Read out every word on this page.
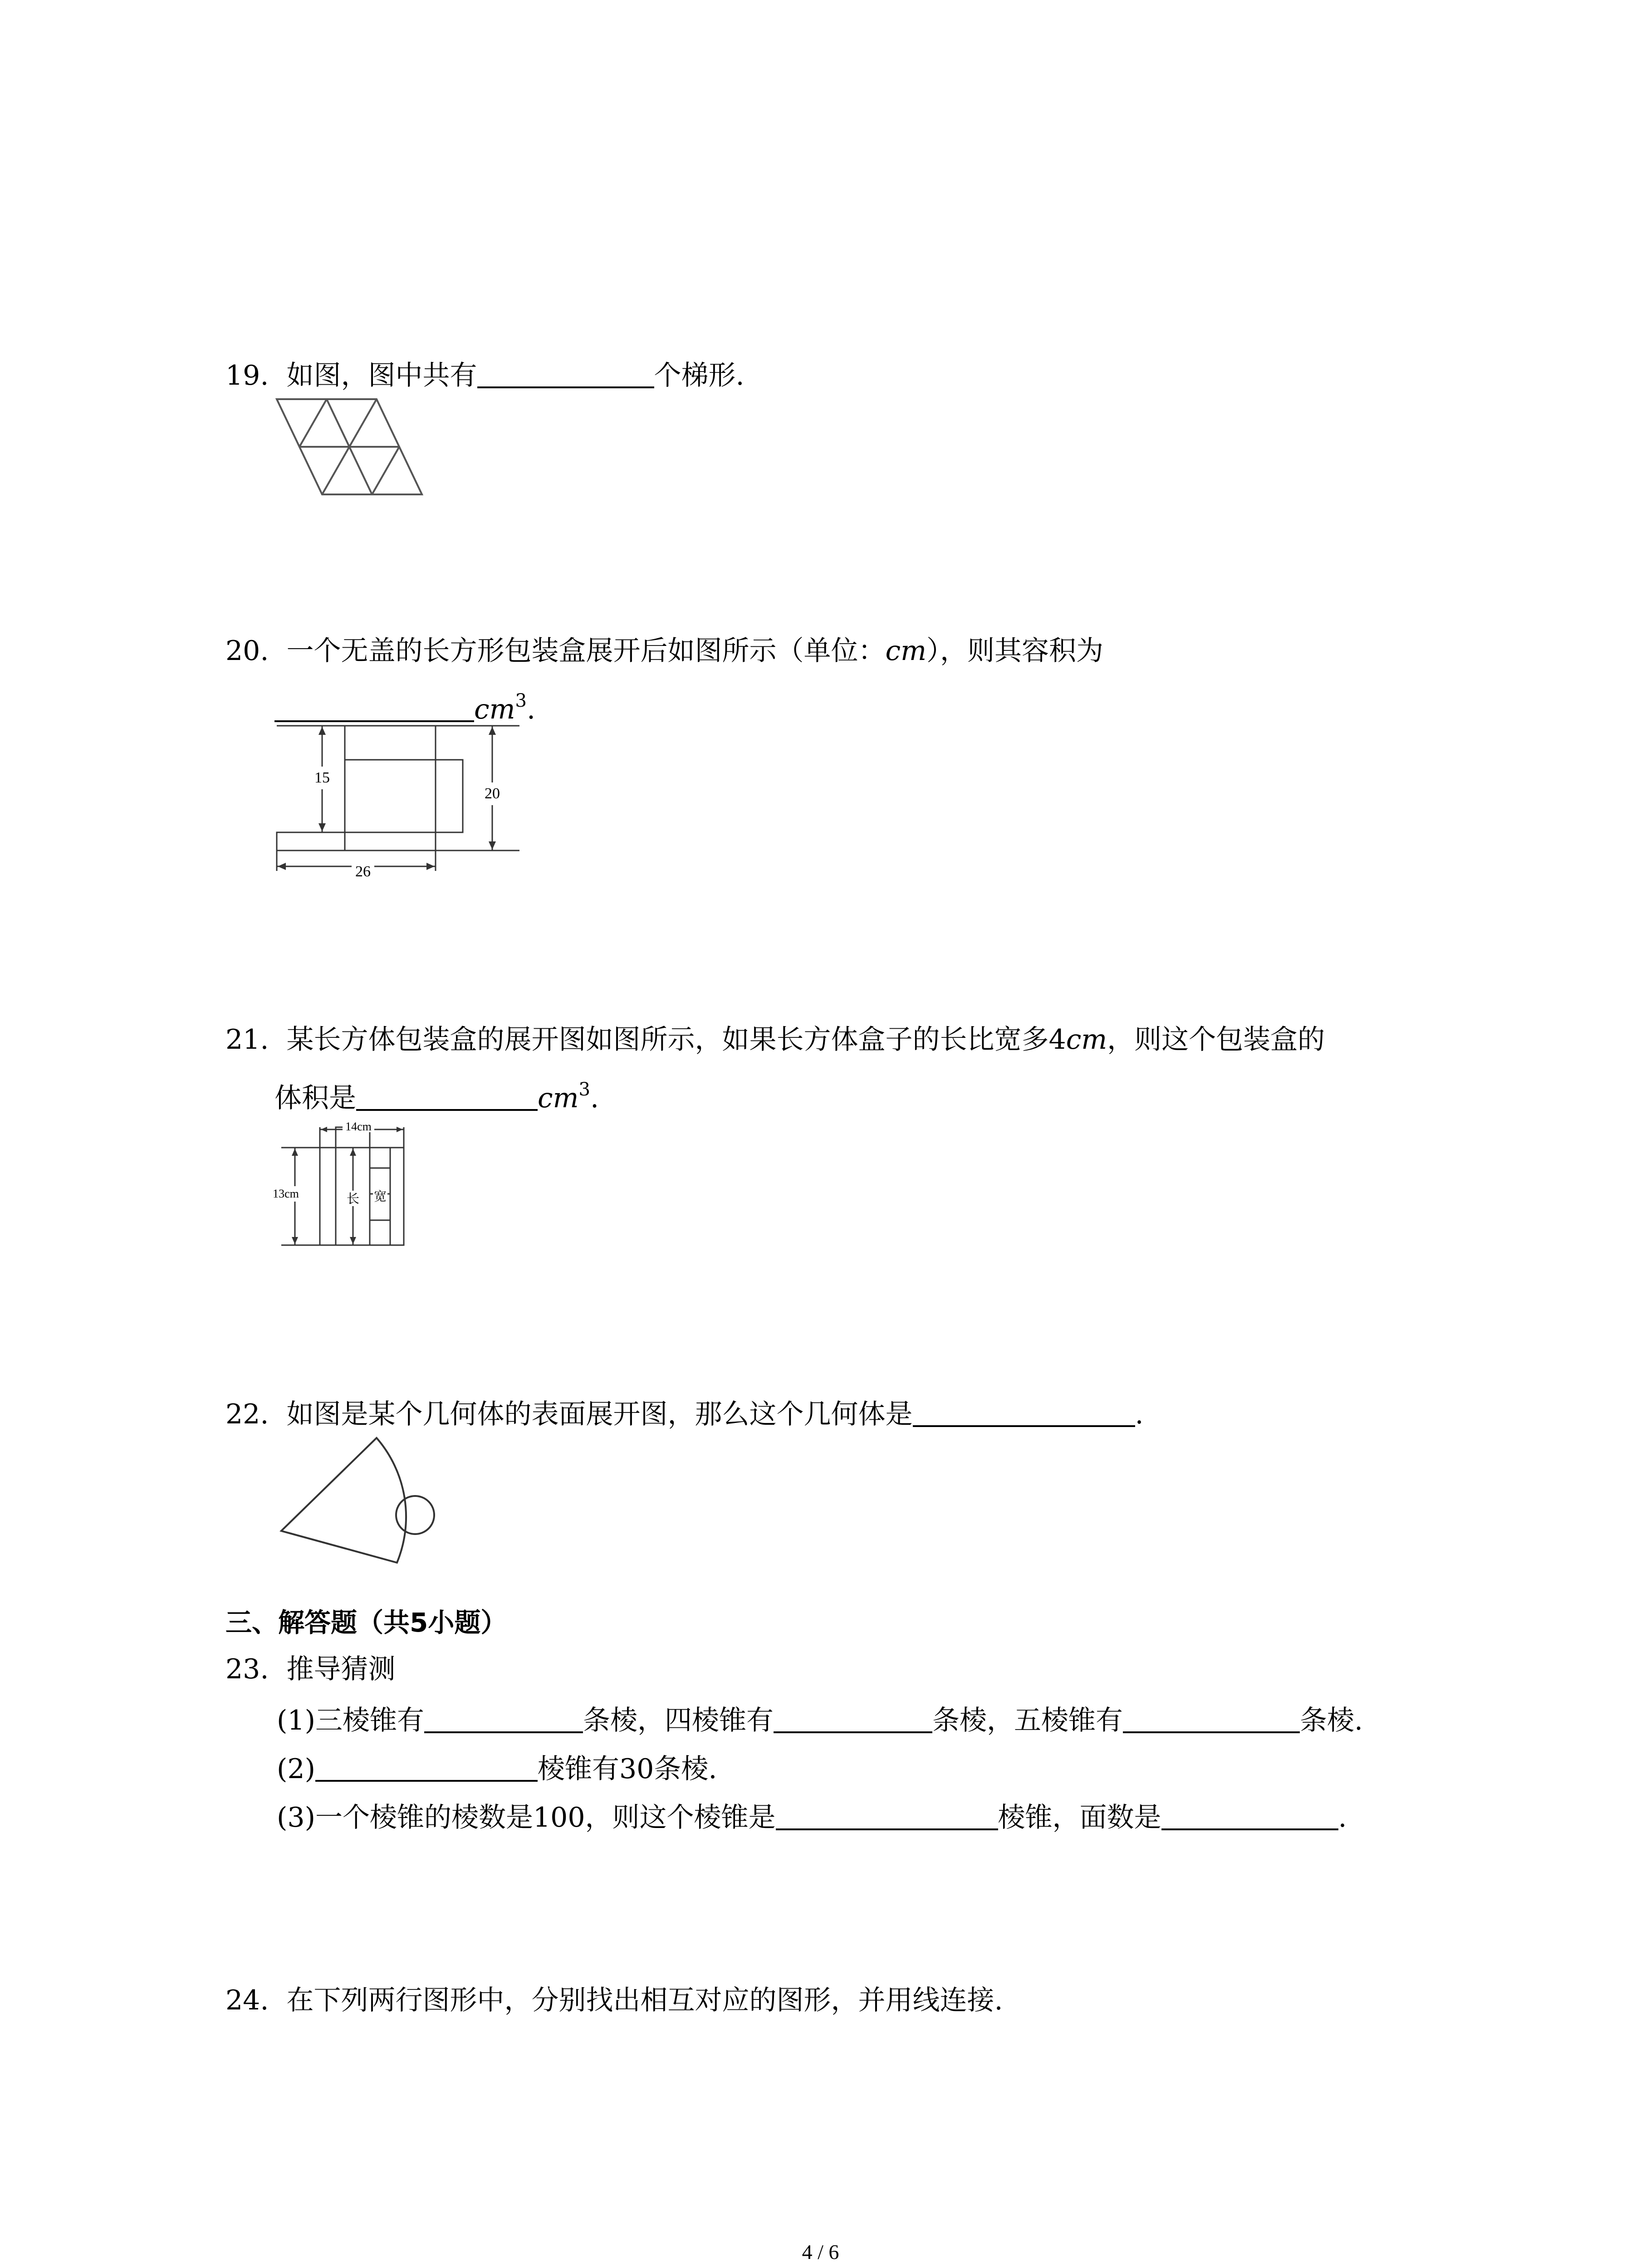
19. 如图，图中共有	个梯形.
20. 一个无盖的长方形包装盒展开后如图所示（单位：cm），则其容积为
$cm^3$.
15
20
26
21. 某长方体包装盒的展开图如图所示，如果长方体盒子的长比宽多4cm，则这个包装盒的
体积是	$cm^3$.
14cm
13cm	长 宽
22. 如图是某个几何体的表面展开图，那么这个几何体是	.
三、解答题（共5小题）
23. 推导猜测
(1)三棱锥有	条棱，四棱锥有	条棱，五棱锥有	条棱.
(2)	棱锥有30条棱.
(3)一个棱锥的棱数是100，则这个棱锥是	棱锥，面数是	.
24. 在下列两行图形中，分别找出相互对应的图形，并用线连接.
4 / 6
